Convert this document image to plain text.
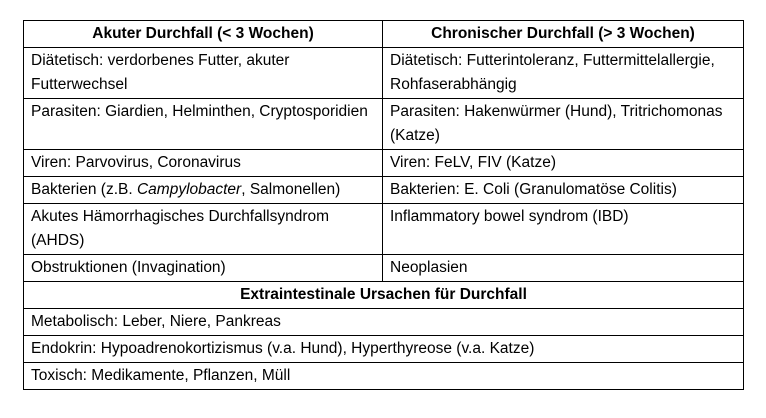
Akuter Durchfall (< 3 Wochen)	Chronischer Durchfall (> 3 Wochen)
Diätetisch: verdorbenes Futter, akuter Futterwechsel	Diätetisch: Futterintoleranz, Futtermittelallergie, Rohfaserabhängig
Parasiten: Giardien, Helminthen, Cryptosporidien	Parasiten: Hakenwürmer (Hund), Tritrichomonas (Katze)
Viren: Parvovirus, Coronavirus	Viren: FeLV, FIV (Katze)
Bakterien (z.B. Campylobacter, Salmonellen)	Bakterien: E. Coli (Granulomatöse Colitis)
Akutes Hämorrhagisches Durchfallsyndrom (AHDS)	Inflammatory bowel syndrom (IBD)
Obstruktionen (Invagination)	Neoplasien
Extraintestinale Ursachen für Durchfall	
Metabolisch: Leber, Niere, Pankreas	
Endokrin: Hypoadrenokortizismus (v.a. Hund), Hyperthyreose (v.a. Katze)	
Toxisch: Medikamente, Pflanzen, Müll	
